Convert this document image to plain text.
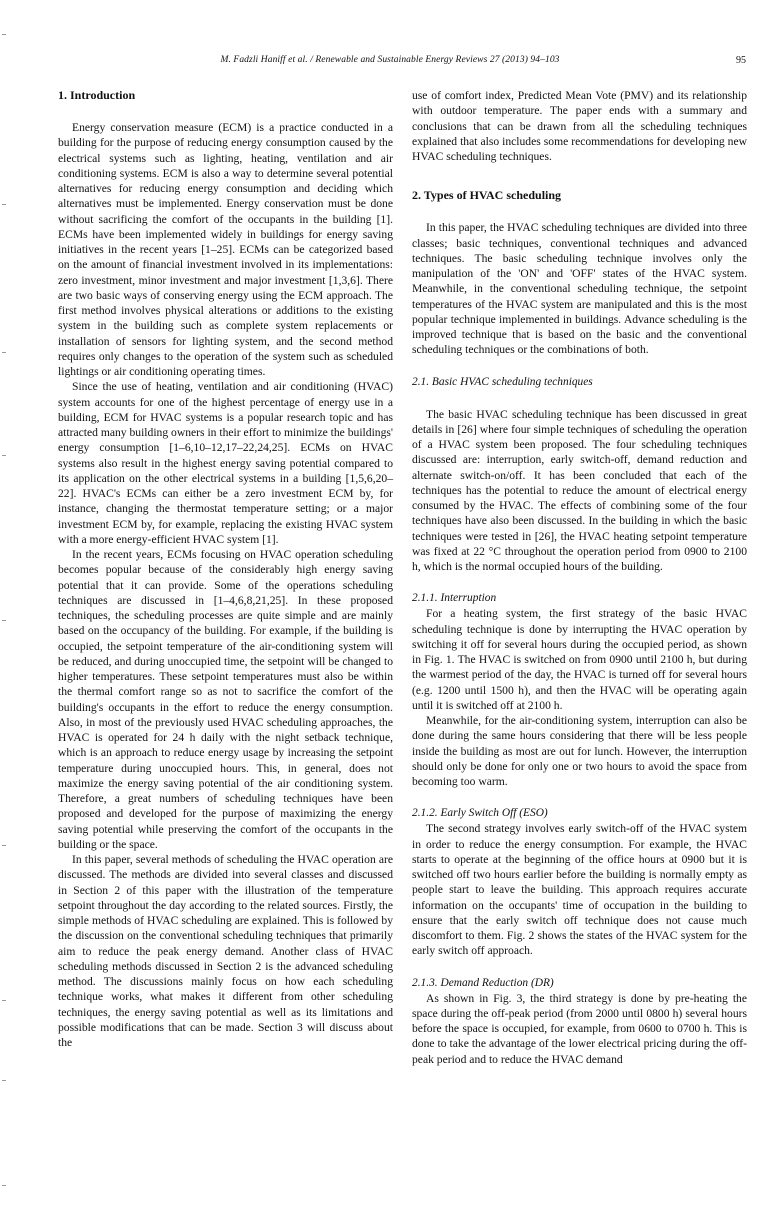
M. Fadzli Haniff et al. / Renewable and Sustainable Energy Reviews 27 (2013) 94–103	95
1. Introduction

Energy conservation measure (ECM) is a practice conducted in a building for the purpose of reducing energy consumption caused by the electrical systems such as lighting, heating, ventilation and air conditioning systems. ECM is also a way to determine several potential alternatives for reducing energy consumption and deciding which alternatives must be implemented. Energy conservation must be done without sacrificing the comfort of the occupants in the building [1]. ECMs have been implemented widely in buildings for energy saving initiatives in the recent years [1–25]. ECMs can be categorized based on the amount of financial investment involved in its implementations: zero investment, minor investment and major investment [1,3,6]. There are two basic ways of conserving energy using the ECM approach. The first method involves physical alterations or additions to the existing system in the building such as complete system replacements or installation of sensors for lighting system, and the second method requires only changes to the operation of the system such as scheduled lightings or air conditioning operating times.

Since the use of heating, ventilation and air conditioning (HVAC) system accounts for one of the highest percentage of energy use in a building, ECM for HVAC systems is a popular research topic and has attracted many building owners in their effort to minimize the buildings' energy consumption [1–6,10–12,17–22,24,25]. ECMs on HVAC systems also result in the highest energy saving potential compared to its application on the other electrical systems in a building [1,5,6,20–22]. HVAC's ECMs can either be a zero investment ECM by, for instance, changing the thermostat temperature setting; or a major investment ECM by, for example, replacing the existing HVAC system with a more energy-efficient HVAC system [1].

In the recent years, ECMs focusing on HVAC operation scheduling becomes popular because of the considerably high energy saving potential that it can provide. Some of the operations scheduling techniques are discussed in [1–4,6,8,21,25]. In these proposed techniques, the scheduling processes are quite simple and are mainly based on the occupancy of the building. For example, if the building is occupied, the setpoint temperature of the air-conditioning system will be reduced, and during unoccupied time, the setpoint will be changed to higher temperatures. These setpoint temperatures must also be within the thermal comfort range so as not to sacrifice the comfort of the building's occupants in the effort to reduce the energy consumption. Also, in most of the previously used HVAC scheduling approaches, the HVAC is operated for 24 h daily with the night setback technique, which is an approach to reduce energy usage by increasing the setpoint temperature during unoccupied hours. This, in general, does not maximize the energy saving potential of the air conditioning system. Therefore, a great numbers of scheduling techniques have been proposed and developed for the purpose of maximizing the energy saving potential while preserving the comfort of the occupants in the building or the space.

In this paper, several methods of scheduling the HVAC operation are discussed. The methods are divided into several classes and discussed in Section 2 of this paper with the illustration of the temperature setpoint throughout the day according to the related sources. Firstly, the simple methods of HVAC scheduling are explained. This is followed by the discussion on the conventional scheduling techniques that primarily aim to reduce the peak energy demand. Another class of HVAC scheduling methods discussed in Section 2 is the advanced scheduling method. The discussions mainly focus on how each scheduling technique works, what makes it different from other scheduling techniques, the energy saving potential as well as its limitations and possible modifications that can be made. Section 3 will discuss about the

use of comfort index, Predicted Mean Vote (PMV) and its relationship with outdoor temperature. The paper ends with a summary and conclusions that can be drawn from all the scheduling techniques explained that also includes some recommendations for developing new HVAC scheduling techniques.

2. Types of HVAC scheduling

In this paper, the HVAC scheduling techniques are divided into three classes; basic techniques, conventional techniques and advanced techniques. The basic scheduling technique involves only the manipulation of the 'ON' and 'OFF' states of the HVAC system. Meanwhile, in the conventional scheduling technique, the setpoint temperatures of the HVAC system are manipulated and this is the most popular technique implemented in buildings. Advance scheduling is the improved technique that is based on the basic and the conventional scheduling techniques or the combinations of both.

2.1. Basic HVAC scheduling techniques

The basic HVAC scheduling technique has been discussed in great details in [26] where four simple techniques of scheduling the operation of a HVAC system been proposed. The four scheduling techniques discussed are: interruption, early switch-off, demand reduction and alternate switch-on/off. It has been concluded that each of the techniques has the potential to reduce the amount of electrical energy consumed by the HVAC. The effects of combining some of the four techniques have also been discussed. In the building in which the basic techniques were tested in [26], the HVAC heating setpoint temperature was fixed at 22 °C throughout the operation period from 0900 to 2100 h, which is the normal occupied hours of the building.

2.1.1. Interruption

For a heating system, the first strategy of the basic HVAC scheduling technique is done by interrupting the HVAC operation by switching it off for several hours during the occupied period, as shown in Fig. 1. The HVAC is switched on from 0900 until 2100 h, but during the warmest period of the day, the HVAC is turned off for several hours (e.g. 1200 until 1500 h), and then the HVAC will be operating again until it is switched off at 2100 h.

Meanwhile, for the air-conditioning system, interruption can also be done during the same hours considering that there will be less people inside the building as most are out for lunch. However, the interruption should only be done for only one or two hours to avoid the space from becoming too warm.

2.1.2. Early Switch Off (ESO)

The second strategy involves early switch-off of the HVAC system in order to reduce the energy consumption. For example, the HVAC starts to operate at the beginning of the office hours at 0900 but it is switched off two hours earlier before the building is normally empty as people start to leave the building. This approach requires accurate information on the occupants' time of occupation in the building to ensure that the early switch off technique does not cause much discomfort to them. Fig. 2 shows the states of the HVAC system for the early switch off approach.

2.1.3. Demand Reduction (DR)

As shown in Fig. 3, the third strategy is done by pre-heating the space during the off-peak period (from 2000 until 0800 h) several hours before the space is occupied, for example, from 0600 to 0700 h. This is done to take the advantage of the lower electrical pricing during the off-peak period and to reduce the HVAC demand
